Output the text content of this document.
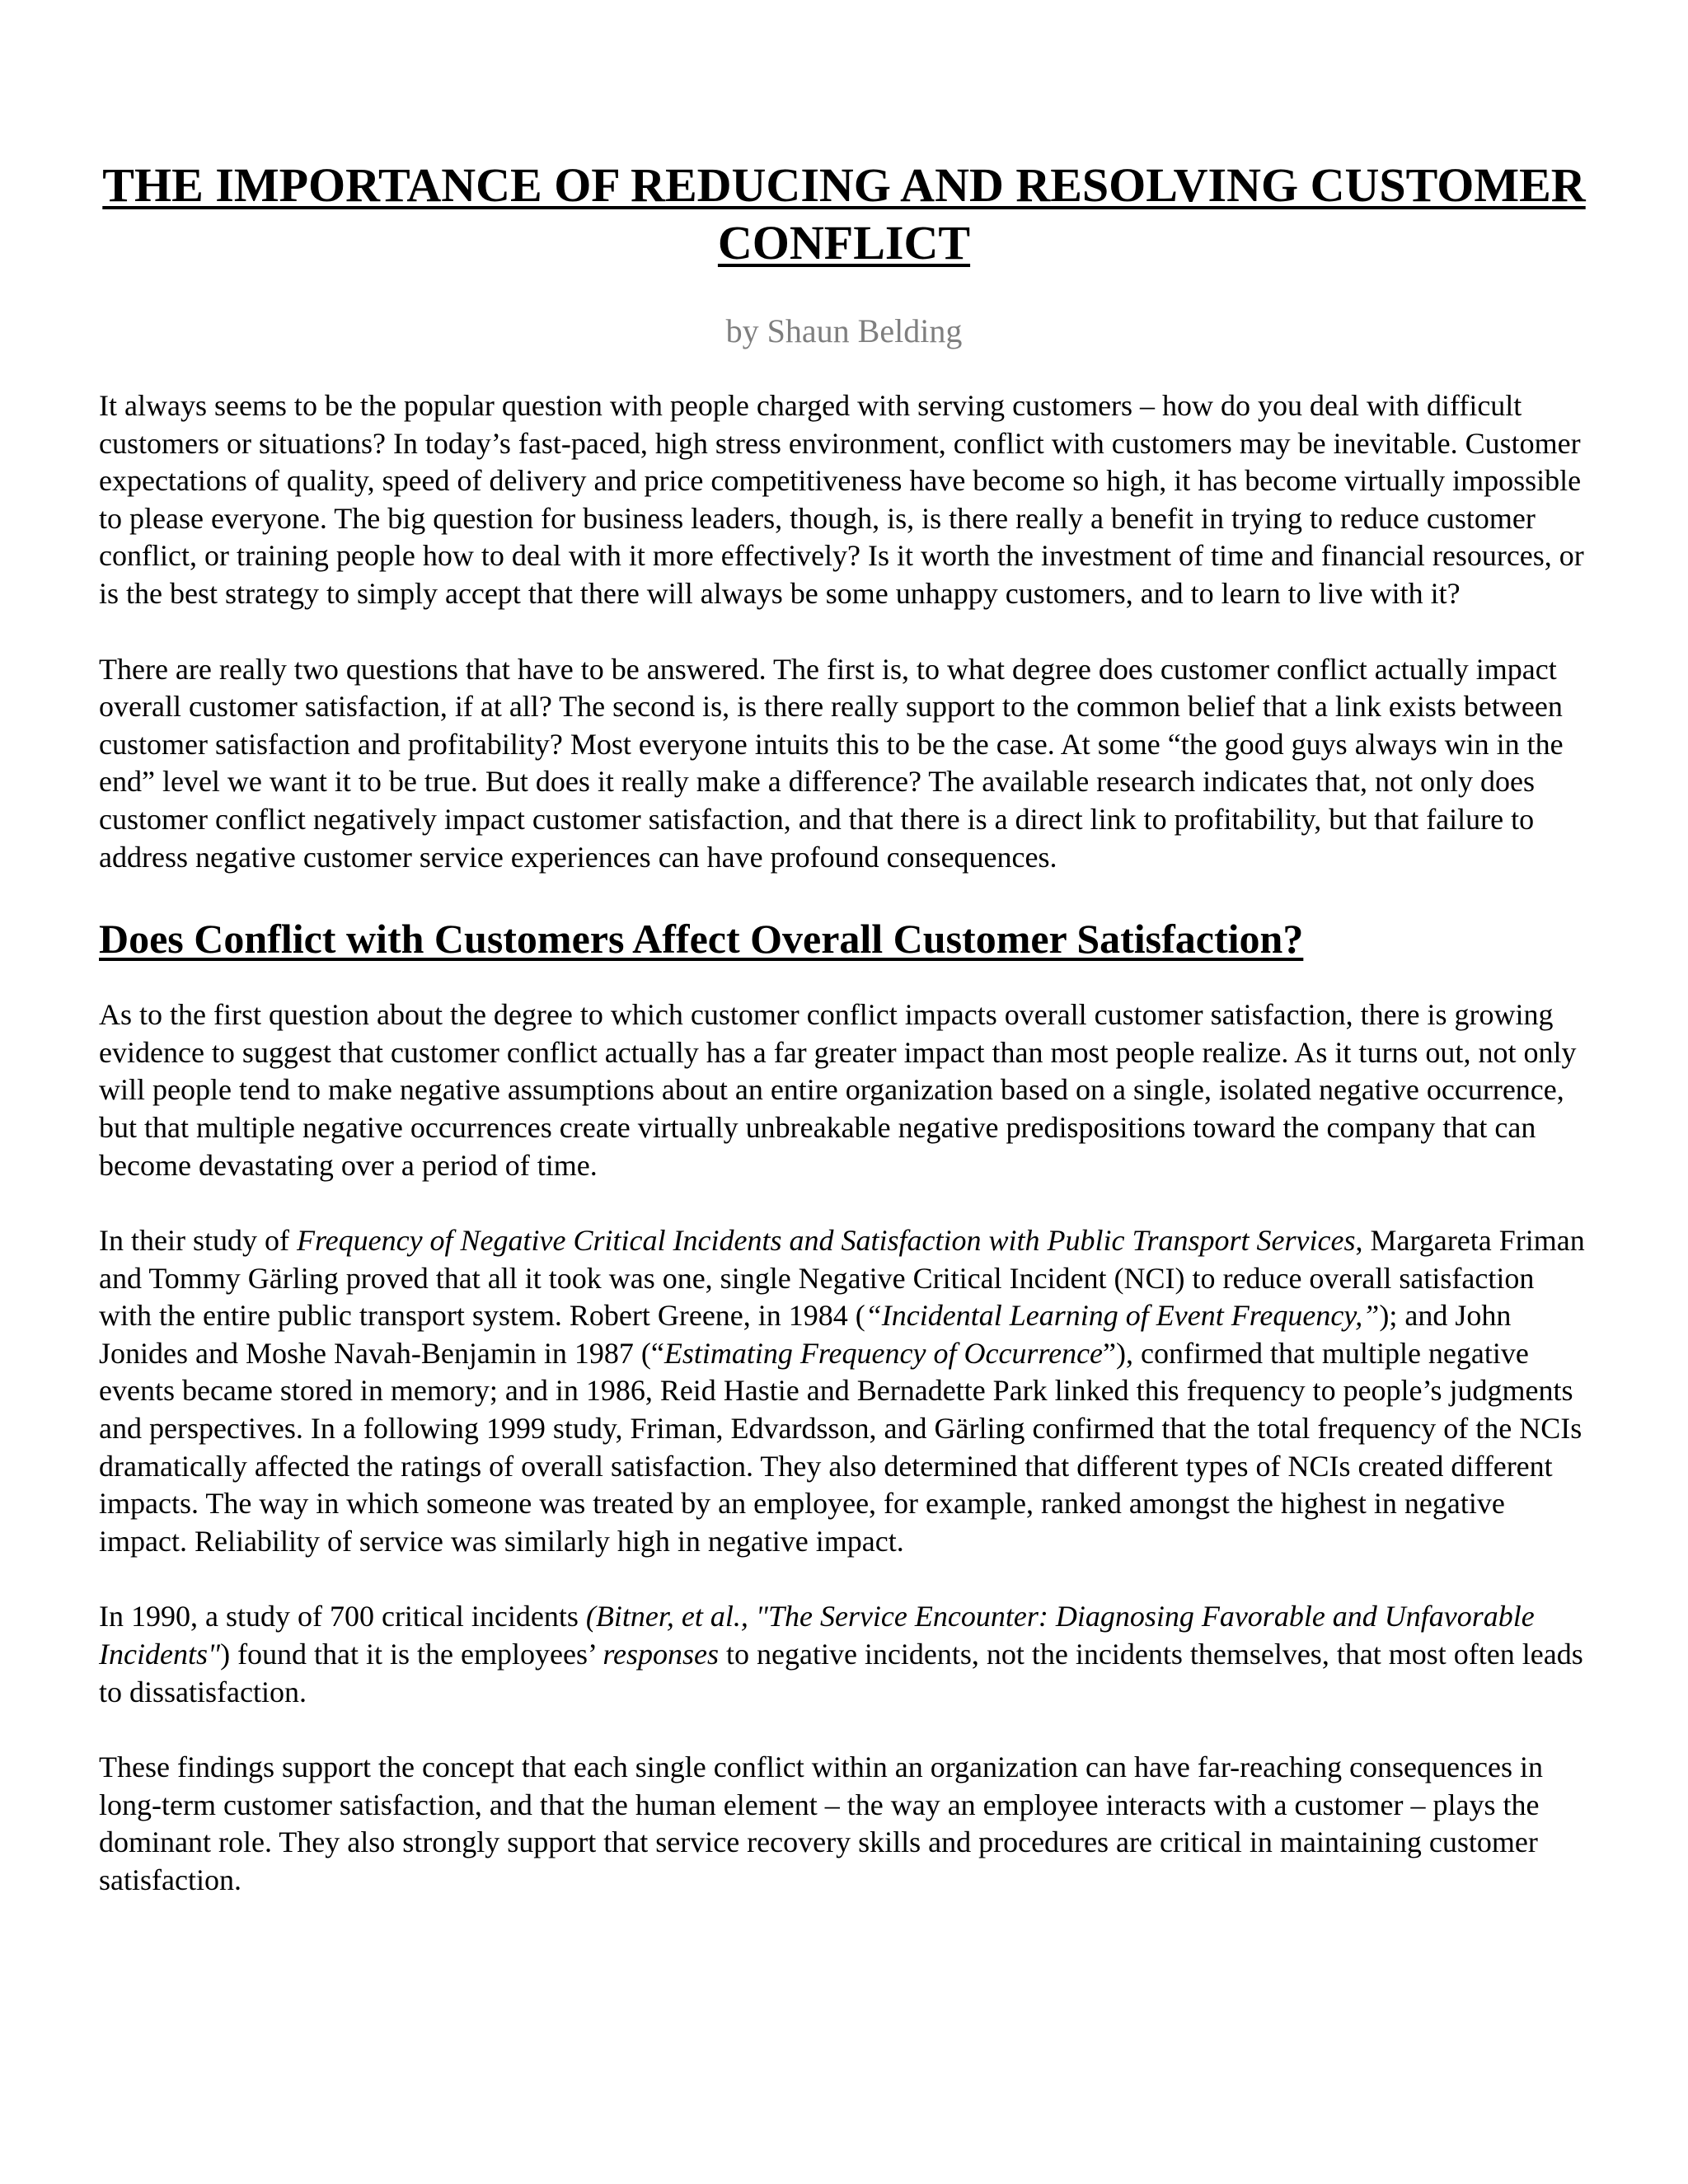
THE IMPORTANCE OF REDUCING AND RESOLVING CUSTOMER CONFLICT
by Shaun Belding

It always seems to be the popular question with people charged with serving customers – how do you deal with difficult customers or situations? In today’s fast-paced, high stress environment, conflict with customers may be inevitable. Customer expectations of quality, speed of delivery and price competitiveness have become so high, it has become virtually impossible to please everyone. The big question for business leaders, though, is, is there really a benefit in trying to reduce customer conflict, or training people how to deal with it more effectively? Is it worth the investment of time and financial resources, or is the best strategy to simply accept that there will always be some unhappy customers, and to learn to live with it?

There are really two questions that have to be answered. The first is, to what degree does customer conflict actually impact overall customer satisfaction, if at all? The second is, is there really support to the common belief that a link exists between customer satisfaction and profitability? Most everyone intuits this to be the case. At some “the good guys always win in the end” level we want it to be true. But does it really make a difference? The available research indicates that, not only does customer conflict negatively impact customer satisfaction, and that there is a direct link to profitability, but that failure to address negative customer service experiences can have profound consequences.

Does Conflict with Customers Affect Overall Customer Satisfaction?

As to the first question about the degree to which customer conflict impacts overall customer satisfaction, there is growing evidence to suggest that customer conflict actually has a far greater impact than most people realize. As it turns out, not only will people tend to make negative assumptions about an entire organization based on a single, isolated negative occurrence, but that multiple negative occurrences create virtually unbreakable negative predispositions toward the company that can become devastating over a period of time.

In their study of Frequency of Negative Critical Incidents and Satisfaction with Public Transport Services, Margareta Friman and Tommy Gärling proved that all it took was one, single Negative Critical Incident (NCI) to reduce overall satisfaction with the entire public transport system. Robert Greene, in 1984 (“Incidental Learning of Event Frequency,”); and John Jonides and Moshe Navah-Benjamin in 1987 (“Estimating Frequency of Occurrence”), confirmed that multiple negative events became stored in memory; and in 1986, Reid Hastie and Bernadette Park linked this frequency to people’s judgments and perspectives. In a following 1999 study, Friman, Edvardsson, and Gärling confirmed that the total frequency of the NCIs dramatically affected the ratings of overall satisfaction. They also determined that different types of NCIs created different impacts. The way in which someone was treated by an employee, for example, ranked amongst the highest in negative impact. Reliability of service was similarly high in negative impact.

In 1990, a study of 700 critical incidents (Bitner, et al., "The Service Encounter: Diagnosing Favorable and Unfavorable Incidents") found that it is the employees’ responses to negative incidents, not the incidents themselves, that most often leads to dissatisfaction.

These findings support the concept that each single conflict within an organization can have far-reaching consequences in long-term customer satisfaction, and that the human element – the way an employee interacts with a customer – plays the dominant role. They also strongly support that service recovery skills and procedures are critical in maintaining customer satisfaction.
